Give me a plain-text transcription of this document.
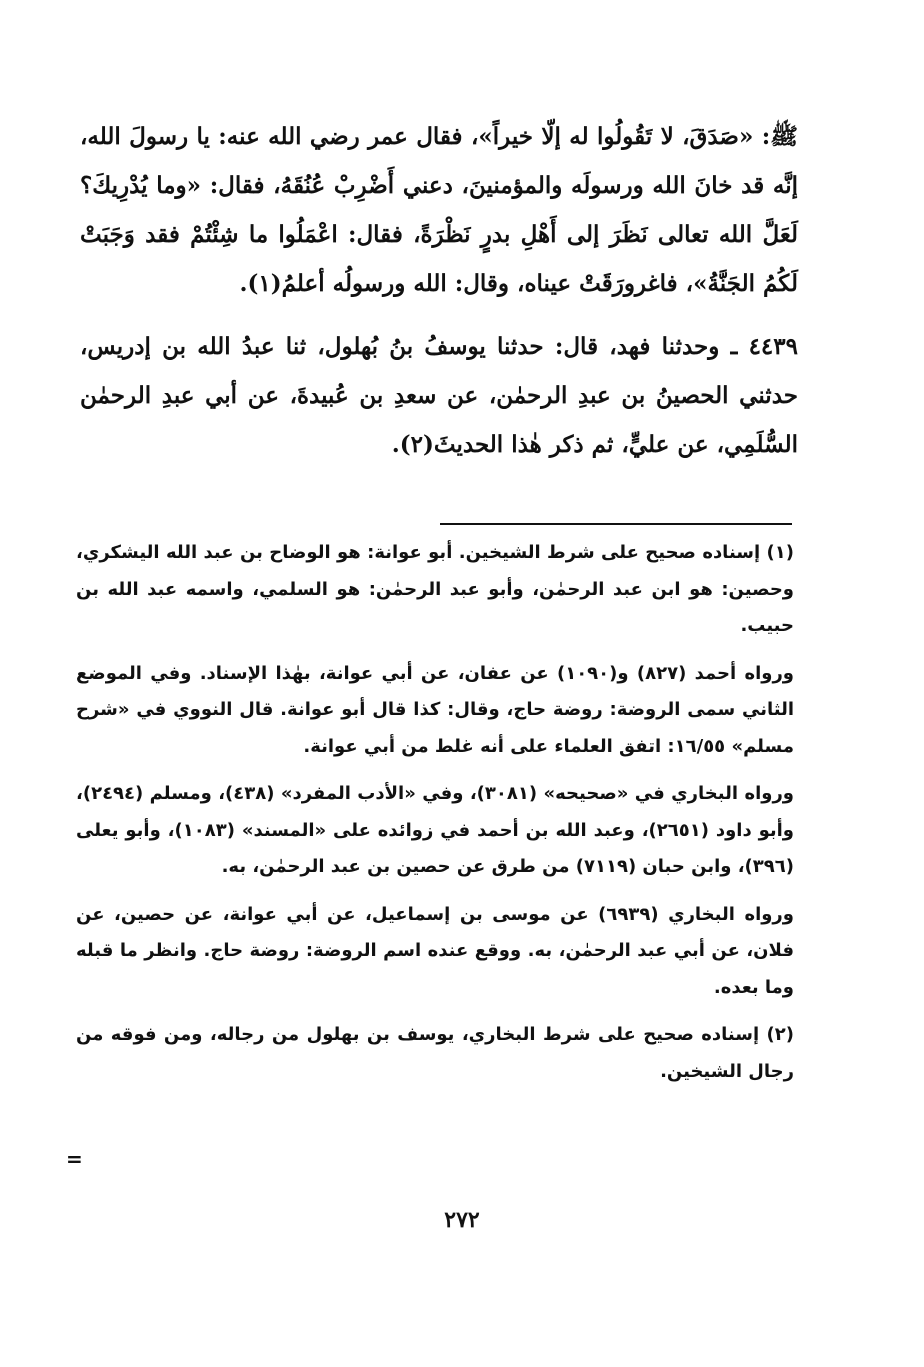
ﷺ: «صَدَقَ، لا تَقُولُوا له إلّا خيراً»، فقال عمر رضي الله عنه: يا رسولَ الله، إنَّه قد خانَ الله ورسولَه والمؤمنينَ، دعني أَضْرِبْ عُنُقَهُ، فقال: «وما يُدْرِيكَ؟ لَعَلَّ الله تعالى نَظَرَ إلى أَهْلِ بدرٍ نَظْرَةً، فقال: اعْمَلُوا ما شِئْتُمْ فقد وَجَبَتْ لَكُمُ الجَنَّةُ»، فاغرورَقَتْ عيناه، وقال: الله ورسولُه أعلمُ(١).

٤٤٣٩ ـ وحدثنا فهد، قال: حدثنا يوسفُ بنُ بُهلول، ثنا عبدُ الله بن إدريس، حدثني الحصينُ بن عبدِ الرحمٰن، عن سعدِ بن عُبيدةَ، عن أبي عبدِ الرحمٰن السُّلَمِي، عن عليٍّ، ثم ذكر هٰذا الحديثَ(٢).

(١) إسناده صحيح على شرط الشيخين. أبو عوانة: هو الوضاح بن عبد الله اليشكري، وحصين: هو ابن عبد الرحمٰن، وأبو عبد الرحمٰن: هو السلمي، واسمه عبد الله بن حبيب.

ورواه أحمد (٨٢٧) و(١٠٩٠) عن عفان، عن أبي عوانة، بهٰذا الإسناد. وفي الموضع الثاني سمى الروضة: روضة حاج، وقال: كذا قال أبو عوانة. قال النووي في «شرح مسلم» ١٦/٥٥: اتفق العلماء على أنه غلط من أبي عوانة.

ورواه البخاري في «صحيحه» (٣٠٨١)، وفي «الأدب المفرد» (٤٣٨)، ومسلم (٢٤٩٤)، وأبو داود (٢٦٥١)، وعبد الله بن أحمد في زوائده على «المسند» (١٠٨٣)، وأبو يعلى (٣٩٦)، وابن حبان (٧١١٩) من طرق عن حصين بن عبد الرحمٰن، به.

ورواه البخاري (٦٩٣٩) عن موسى بن إسماعيل، عن أبي عوانة، عن حصين، عن فلان، عن أبي عبد الرحمٰن، به. ووقع عنده اسم الروضة: روضة حاج. وانظر ما قبله وما بعده.

(٢) إسناده صحيح على شرط البخاري، يوسف بن بهلول من رجاله، ومن فوقه من رجال الشيخين.

=
٢٧٢
